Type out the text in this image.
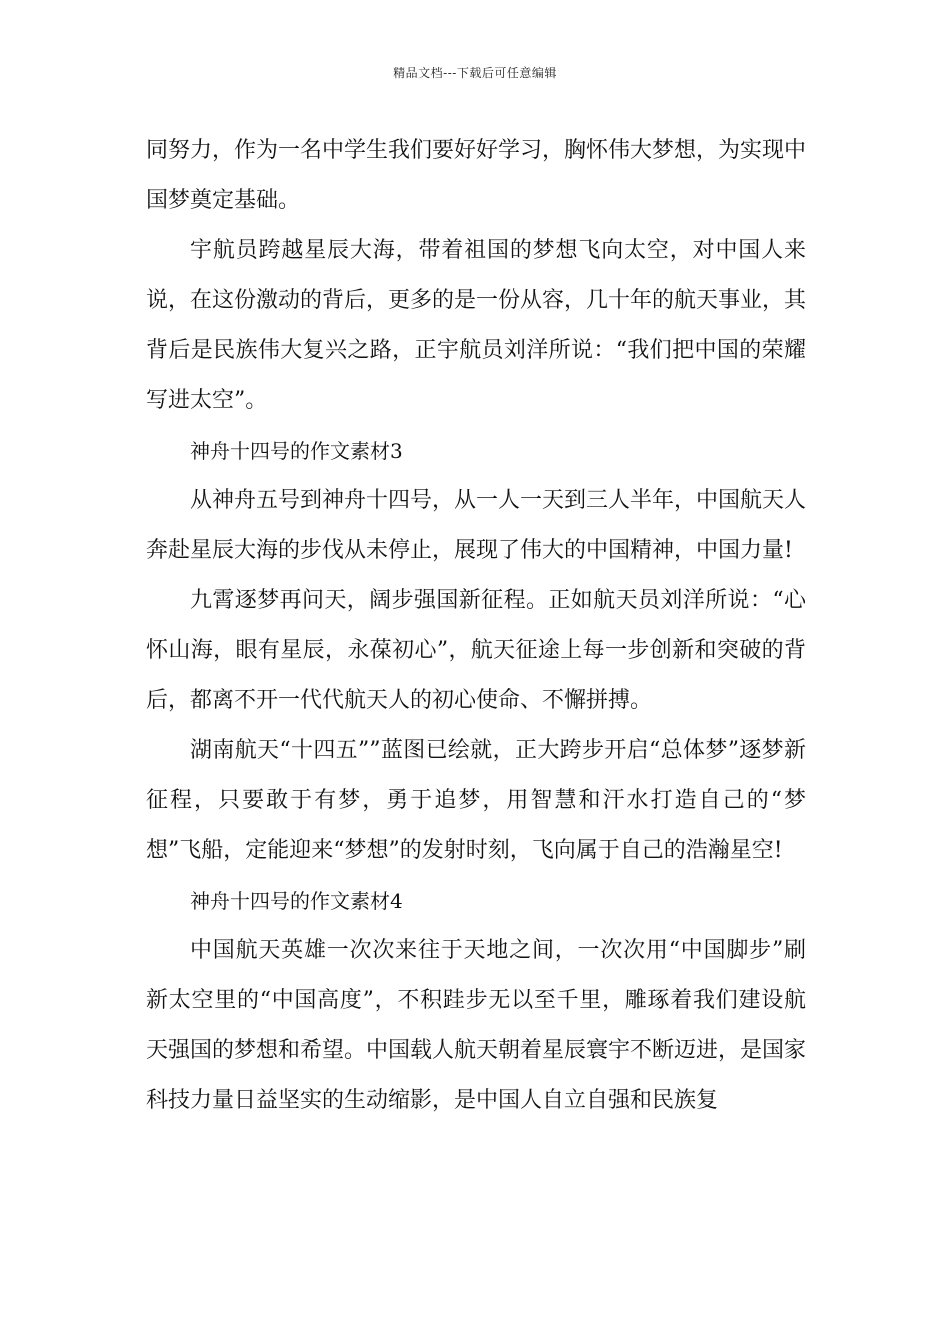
精品文档---下载后可任意编辑

同努力，作为一名中学生我们要好好学习，胸怀伟大梦想，为实现中国梦奠定基础。

宇航员跨越星辰大海，带着祖国的梦想飞向太空，对中国人来说，在这份激动的背后，更多的是一份从容，几十年的航天事业，其背后是民族伟大复兴之路，正宇航员刘洋所说：“我们把中国的荣耀写进太空”。

神舟十四号的作文素材3

从神舟五号到神舟十四号，从一人一天到三人半年，中国航天人奔赴星辰大海的步伐从未停止，展现了伟大的中国精神，中国力量!

九霄逐梦再问天，阔步强国新征程。正如航天员刘洋所说：“心怀山海，眼有星辰，永葆初心”，航天征途上每一步创新和突破的背后，都离不开一代代航天人的初心使命、不懈拼搏。

湖南航天“十四五””蓝图已绘就，正大跨步开启“总体梦”逐梦新征程，只要敢于有梦，勇于追梦，用智慧和汗水打造自己的“梦想”飞船，定能迎来“梦想”的发射时刻，飞向属于自己的浩瀚星空!

神舟十四号的作文素材4

中国航天英雄一次次来往于天地之间，一次次用“中国脚步”刷新太空里的“中国高度”，不积跬步无以至千里，雕琢着我们建设航天强国的梦想和希望。中国载人航天朝着星辰寰宇不断迈进，是国家科技力量日益坚实的生动缩影，是中国人自立自强和民族复
